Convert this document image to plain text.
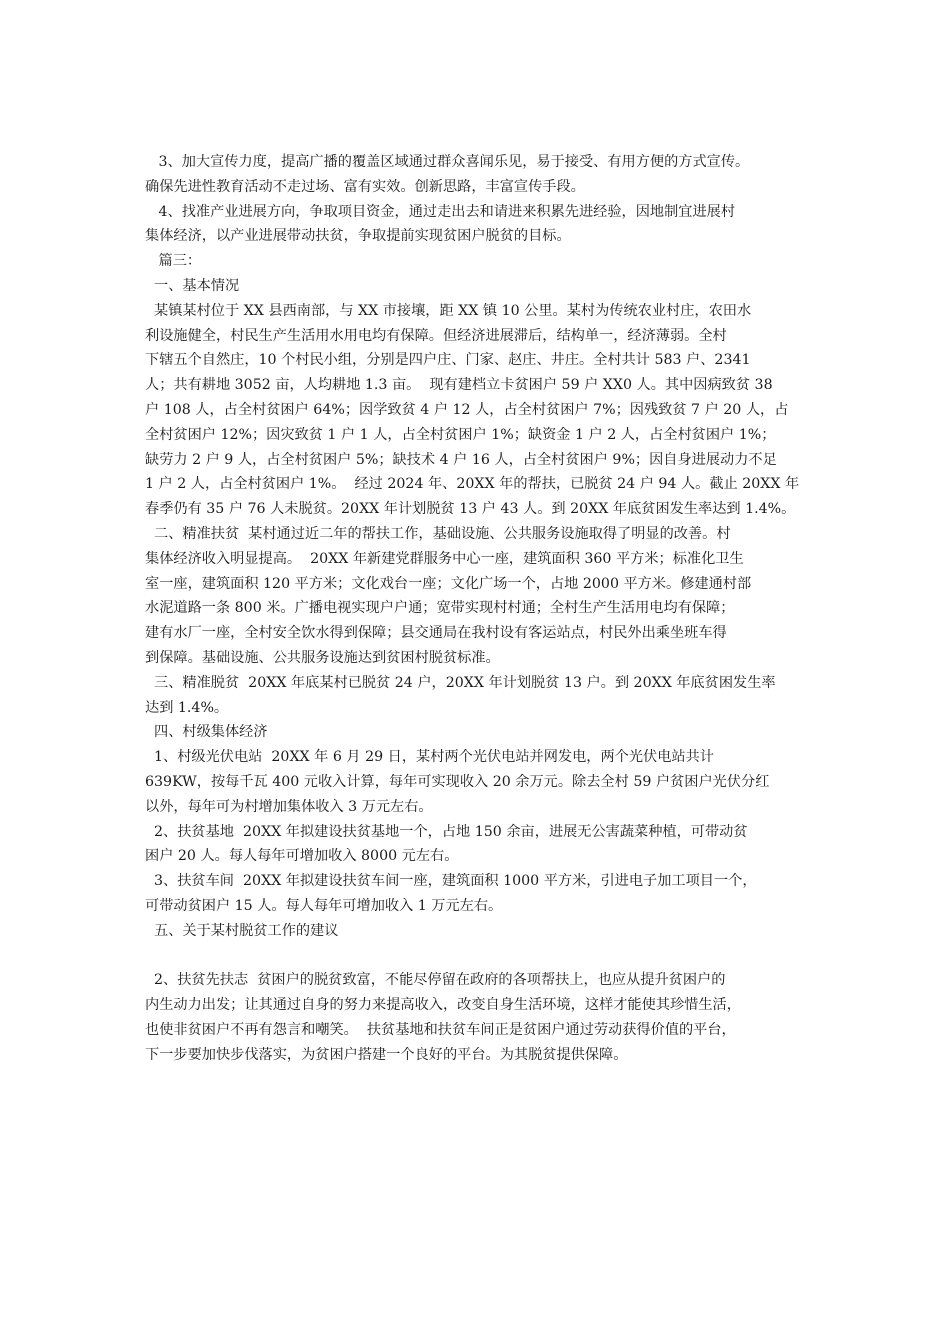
3、加大宣传力度，提高广播的覆盖区域通过群众喜闻乐见，易于接受、有用方便的方式宣传。

确保先进性教育活动不走过场、富有实效。创新思路，丰富宣传手段。

4、找准产业进展方向，争取项目资金，通过走出去和请进来积累先进经验，因地制宜进展村

集体经济，以产业进展带动扶贫，争取提前实现贫困户脱贫的目标。

篇三：

一、基本情况

某镇某村位于 XX 县西南部，与 XX 市接壤，距 XX 镇 10 公里。某村为传统农业村庄，农田水

利设施健全，村民生产生活用水用电均有保障。但经济进展滞后，结构单一，经济薄弱。全村

下辖五个自然庄，10 个村民小组，分别是四户庄、门家、赵庄、井庄。全村共计 583 户、2341

人；共有耕地 3052 亩，人均耕地 1.3 亩。  现有建档立卡贫困户 59 户 XX0 人。其中因病致贫 38

户 108 人，占全村贫困户 64%；因学致贫 4 户 12 人，占全村贫困户 7%；因残致贫 7 户 20 人，占

全村贫困户 12%；因灾致贫 1 户 1 人，占全村贫困户 1%；缺资金 1 户 2 人，占全村贫困户 1%；

缺劳力 2 户 9 人，占全村贫困户 5%；缺技术 4 户 16 人，占全村贫困户 9%；因自身进展动力不足

1 户 2 人，占全村贫困户 1%。  经过 2024 年、20XX 年的帮扶，已脱贫 24 户 94 人。截止 20XX 年

春季仍有 35 户 76 人未脱贫。20XX 年计划脱贫 13 户 43 人。到 20XX 年底贫困发生率达到 1.4%。

二、精准扶贫  某村通过近二年的帮扶工作，基础设施、公共服务设施取得了明显的改善。村

集体经济收入明显提高。  20XX 年新建党群服务中心一座，建筑面积 360 平方米；标准化卫生

室一座，建筑面积 120 平方米；文化戏台一座；文化广场一个，占地 2000 平方米。修建通村部

水泥道路一条 800 米。广播电视实现户户通；宽带实现村村通；全村生产生活用电均有保障；

建有水厂一座，全村安全饮水得到保障；县交通局在我村设有客运站点，村民外出乘坐班车得

到保障。基础设施、公共服务设施达到贫困村脱贫标准。

三、精准脱贫  20XX 年底某村已脱贫 24 户，20XX 年计划脱贫 13 户。到 20XX 年底贫困发生率

达到 1.4%。

四、村级集体经济

1、村级光伏电站  20XX 年 6 月 29 日，某村两个光伏电站并网发电，两个光伏电站共计

639KW，按每千瓦 400 元收入计算，每年可实现收入 20 余万元。除去全村 59 户贫困户光伏分红

以外，每年可为村增加集体收入 3 万元左右。

2、扶贫基地  20XX 年拟建设扶贫基地一个，占地 150 余亩，进展无公害蔬菜种植，可带动贫

困户 20 人。每人每年可增加收入 8000 元左右。

3、扶贫车间  20XX 年拟建设扶贫车间一座，建筑面积 1000 平方米，引进电子加工项目一个，

可带动贫困户 15 人。每人每年可增加收入 1 万元左右。

五、关于某村脱贫工作的建议

2、扶贫先扶志  贫困户的脱贫致富，不能尽停留在政府的各项帮扶上，也应从提升贫困户的

内生动力出发；让其通过自身的努力来提高收入，改变自身生活环境，这样才能使其珍惜生活，

也使非贫困户不再有怨言和嘲笑。  扶贫基地和扶贫车间正是贫困户通过劳动获得价值的平台，

下一步要加快步伐落实，为贫困户搭建一个良好的平台。为其脱贫提供保障。
